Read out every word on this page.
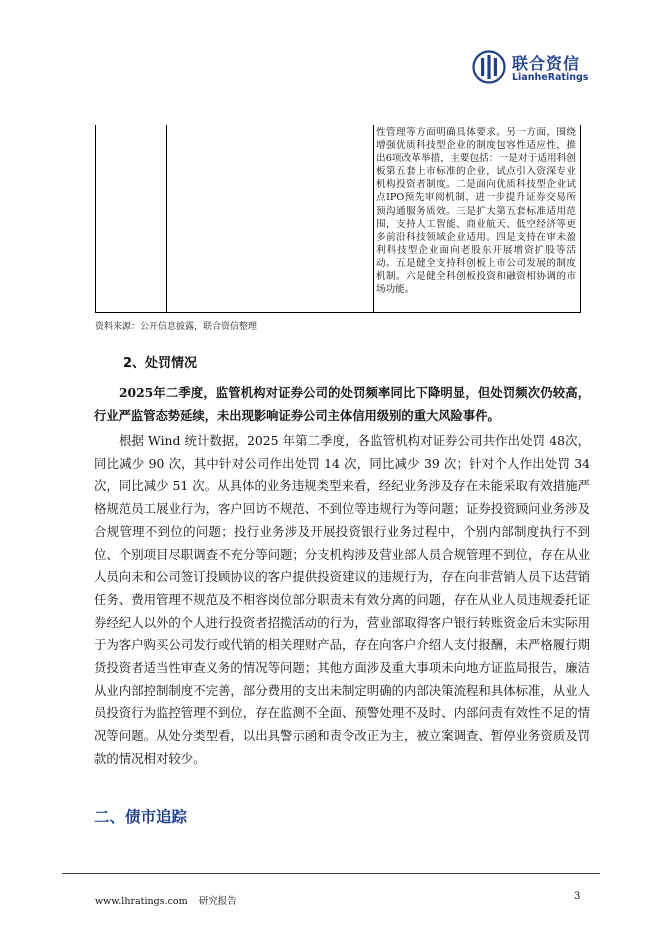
联合资信
LianheRatings
性管理等方面明确具体要求。另一方面，围绕增强优质科技型企业的制度包容性适应性，推出6项改革举措，主要包括：一是对于适用科创板第五套上市标准的企业，试点引入资深专业机构投资者制度。二是面向优质科技型企业试点IPO预先审阅机制，进一步提升证券交易所预沟通服务质效。三是扩大第五套标准适用范围，支持人工智能、商业航天、低空经济等更多前沿科技领域企业适用。四是支持在审未盈利科技型企业面向老股东开展增资扩股等活动。五是健全支持科创板上市公司发展的制度机制。六是健全科创板投资和融资相协调的市场功能。
资料来源：公开信息披露，联合资信整理
2、处罚情况
2025年二季度，监管机构对证券公司的处罚频率同比下降明显，但处罚频次仍较高，行业严监管态势延续，未出现影响证券公司主体信用级别的重大风险事件。
根据 Wind 统计数据，2025 年第二季度，各监管机构对证券公司共作出处罚 48次，同比减少 90 次，其中针对公司作出处罚 14 次，同比减少 39 次；针对个人作出处罚 34 次，同比减少 51 次。从具体的业务违规类型来看，经纪业务涉及存在未能采取有效措施严格规范员工展业行为，客户回访不规范、不到位等违规行为等问题；证券投资顾问业务涉及合规管理不到位的问题；投行业务涉及开展投资银行业务过程中，个别内部制度执行不到位、个别项目尽职调查不充分等问题；分支机构涉及营业部人员合规管理不到位，存在从业人员向未和公司签订投顾协议的客户提供投资建议的违规行为，存在向非营销人员下达营销任务、费用管理不规范及不相容岗位部分职责未有效分离的问题，存在从业人员违规委托证券经纪人以外的个人进行投资者招揽活动的行为，营业部取得客户银行转账资金后未实际用于为客户购买公司发行或代销的相关理财产品，存在向客户介绍人支付报酬，未严格履行期货投资者适当性审查义务的情况等问题；其他方面涉及重大事项未向地方证监局报告，廉洁从业内部控制制度不完善，部分费用的支出未制定明确的内部决策流程和具体标准，从业人员投资行为监控管理不到位，存在监测不全面、预警处理不及时、内部问责有效性不足的情况等问题。从处分类型看，以出具警示函和责令改正为主，被立案调查、暂停业务资质及罚款的情况相对较少。
二、债市追踪
www.lhratings.com 研究报告	3
